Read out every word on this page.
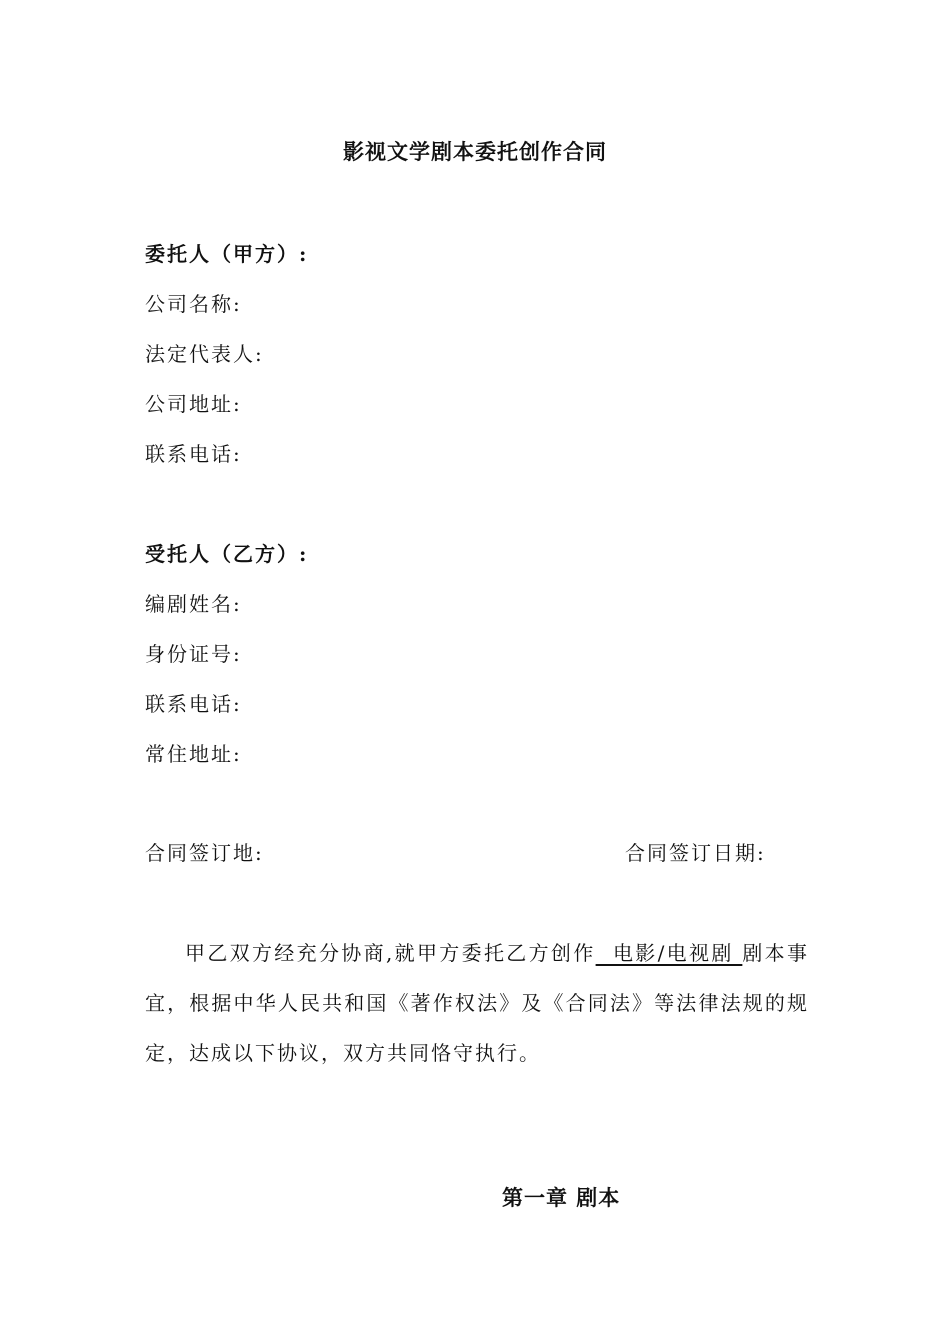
影视文学剧本委托创作合同
委托人（甲方）:
公司名称:
法定代表人:
公司地址:
联系电话:
受托人（乙方）:
编剧姓名:
身份证号:
联系电话:
常住地址:
合同签订地:	合同签订日期:
甲乙双方经充分协商,就甲方委托乙方创作  电影/电视剧 剧本事宜，根据中华人民共和国《著作权法》及《合同法》等法律法规的规定，达成以下协议，双方共同恪守执行。
第一章 剧本
